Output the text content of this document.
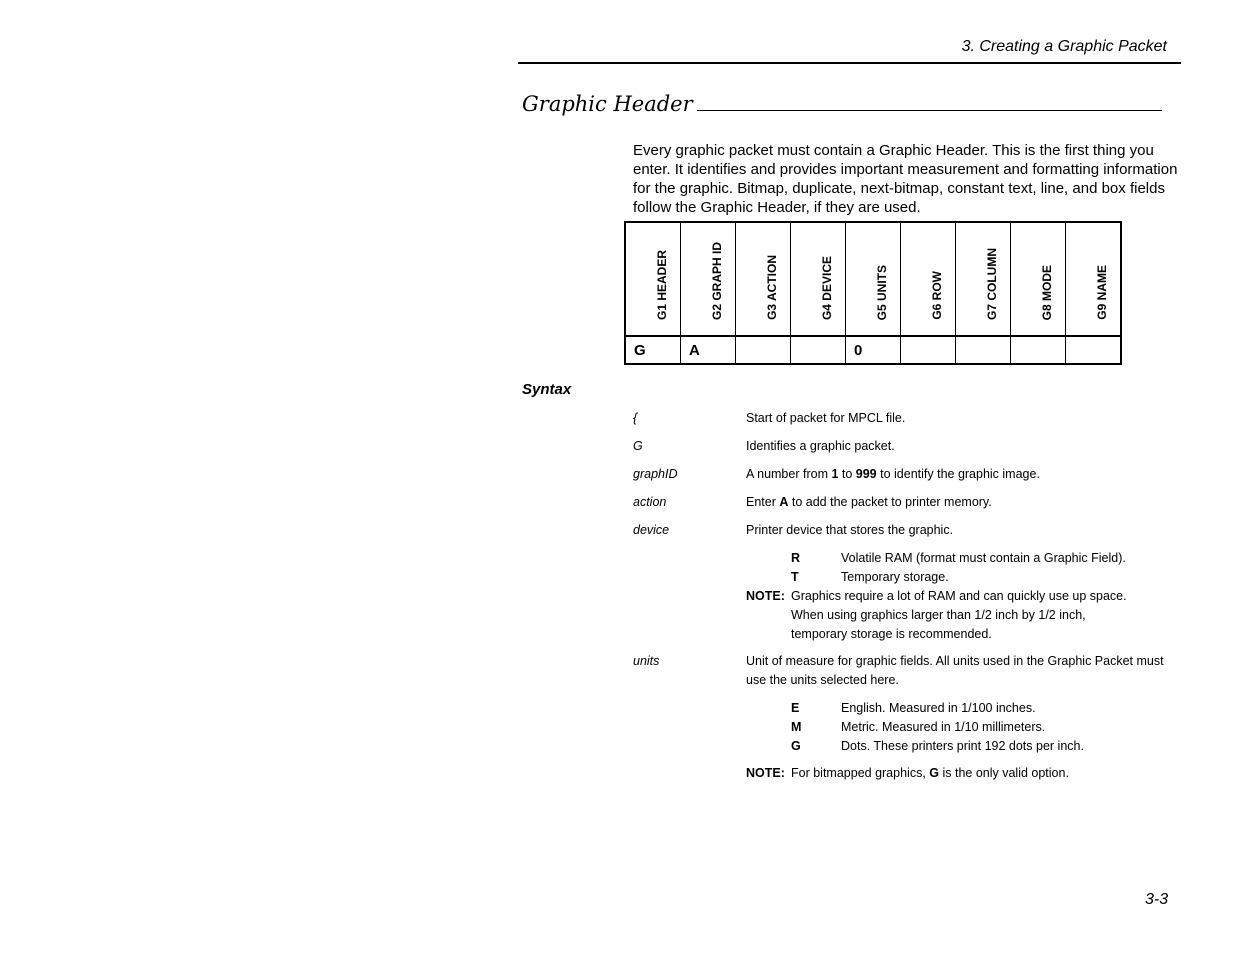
3. Creating a Graphic Packet
Graphic Header

Every graphic packet must contain a Graphic Header. This is the first thing you enter. It identifies and provides important measurement and formatting information for the graphic. Bitmap, duplicate, next-bitmap, constant text, line, and box fields follow the Graphic Header, if they are used.

G1 HEADER	G2 GRAPH ID	G3 ACTION	G4 DEVICE	G5 UNITS	G6 ROW	G7 COLUMN	G8 MODE	G9 NAME
G	A			0				
Syntax
{	Start of packet for MPCL file.
G	Identifies a graphic packet.
graphID	A number from 1 to 999 to identify the graphic image.
action	Enter A to add the packet to printer memory.
device	Printer device that stores the graphic.
R	Volatile RAM (format must contain a Graphic Field).
T	Temporary storage.
NOTE: Graphics require a lot of RAM and can quickly use up space. When using graphics larger than 1/2 inch by 1/2 inch, temporary storage is recommended.
units	Unit of measure for graphic fields. All units used in the Graphic Packet must use the units selected here.
E	English. Measured in 1/100 inches.
M	Metric. Measured in 1/10 millimeters.
G	Dots. These printers print 192 dots per inch.
NOTE: For bitmapped graphics, G is the only valid option.
3-3
